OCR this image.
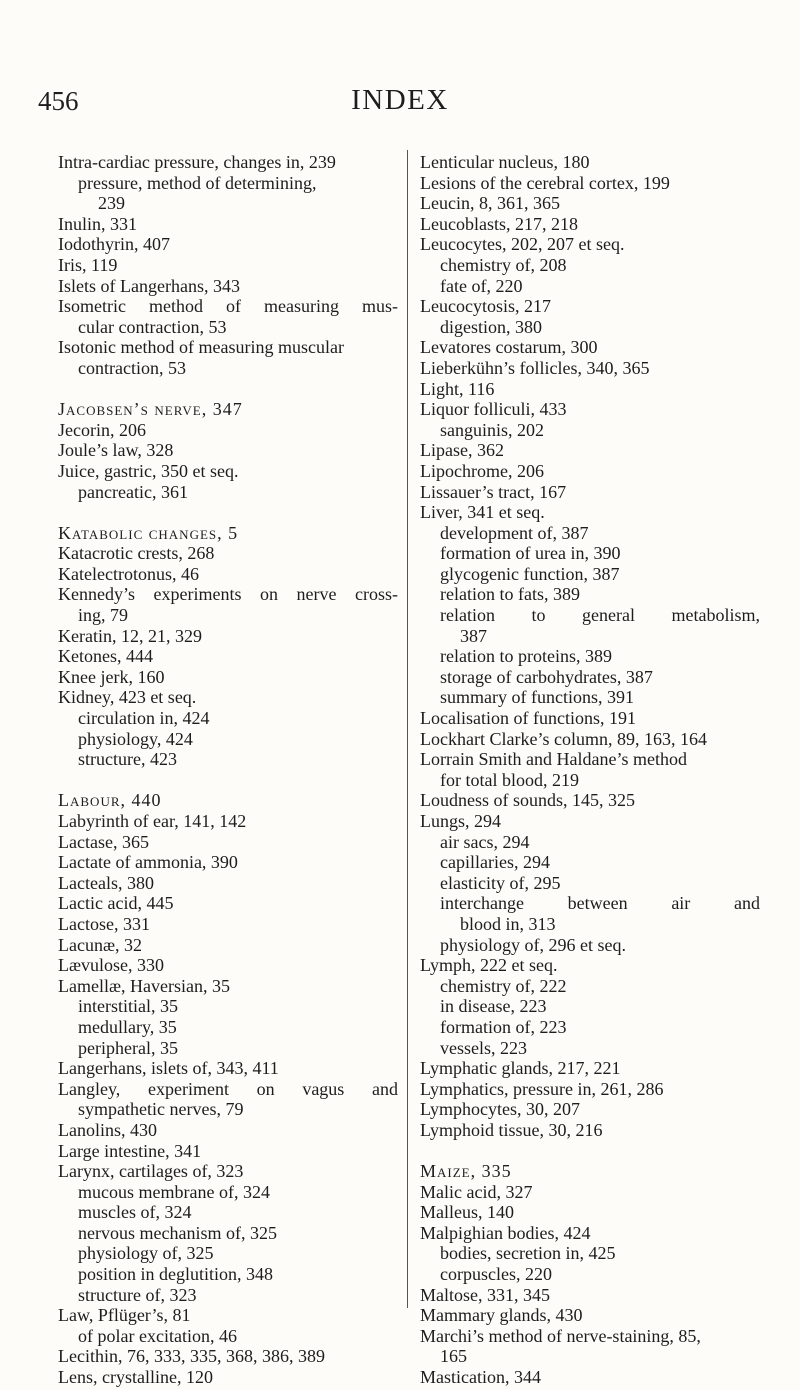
456	INDEX
Intra-cardiac pressure, changes in, 239
pressure, method of determining,
239
Inulin, 331
Iodothyrin, 407
Iris, 119
Islets of Langerhans, 343
Isometric method of measuring mus-
cular contraction, 53
Isotonic method of measuring muscular
contraction, 53
Jacobsen’s nerve, 347
Jecorin, 206
Joule’s law, 328
Juice, gastric, 350 et seq.
pancreatic, 361
Katabolic changes, 5
Katacrotic crests, 268
Katelectrotonus, 46
Kennedy’s experiments on nerve cross-
ing, 79
Keratin, 12, 21, 329
Ketones, 444
Knee jerk, 160
Kidney, 423 et seq.
circulation in, 424
physiology, 424
structure, 423
Labour, 440
Labyrinth of ear, 141, 142
Lactase, 365
Lactate of ammonia, 390
Lacteals, 380
Lactic acid, 445
Lactose, 331
Lacunæ, 32
Lævulose, 330
Lamellæ, Haversian, 35
interstitial, 35
medullary, 35
peripheral, 35
Langerhans, islets of, 343, 411
Langley, experiment on vagus and
sympathetic nerves, 79
Lanolins, 430
Large intestine, 341
Larynx, cartilages of, 323
mucous membrane of, 324
muscles of, 324
nervous mechanism of, 325
physiology of, 325
position in deglutition, 348
structure of, 323
Law, Pflüger’s, 81
of polar excitation, 46
Lecithin, 76, 333, 335, 368, 386, 389
Lens, crystalline, 120
Lenticular nucleus, 180
Lesions of the cerebral cortex, 199
Leucin, 8, 361, 365
Leucoblasts, 217, 218
Leucocytes, 202, 207 et seq.
chemistry of, 208
fate of, 220
Leucocytosis, 217
digestion, 380
Levatores costarum, 300
Lieberkühn’s follicles, 340, 365
Light, 116
Liquor folliculi, 433
sanguinis, 202
Lipase, 362
Lipochrome, 206
Lissauer’s tract, 167
Liver, 341 et seq.
development of, 387
formation of urea in, 390
glycogenic function, 387
relation to fats, 389
relation to general metabolism,
387
relation to proteins, 389
storage of carbohydrates, 387
summary of functions, 391
Localisation of functions, 191
Lockhart Clarke’s column, 89, 163, 164
Lorrain Smith and Haldane’s method
for total blood, 219
Loudness of sounds, 145, 325
Lungs, 294
air sacs, 294
capillaries, 294
elasticity of, 295
interchange between air and
blood in, 313
physiology of, 296 et seq.
Lymph, 222 et seq.
chemistry of, 222
in disease, 223
formation of, 223
vessels, 223
Lymphatic glands, 217, 221
Lymphatics, pressure in, 261, 286
Lymphocytes, 30, 207
Lymphoid tissue, 30, 216
Maize, 335
Malic acid, 327
Malleus, 140
Malpighian bodies, 424
bodies, secretion in, 425
corpuscles, 220
Maltose, 331, 345
Mammary glands, 430
Marchi’s method of nerve-staining, 85,
165
Mastication, 344
